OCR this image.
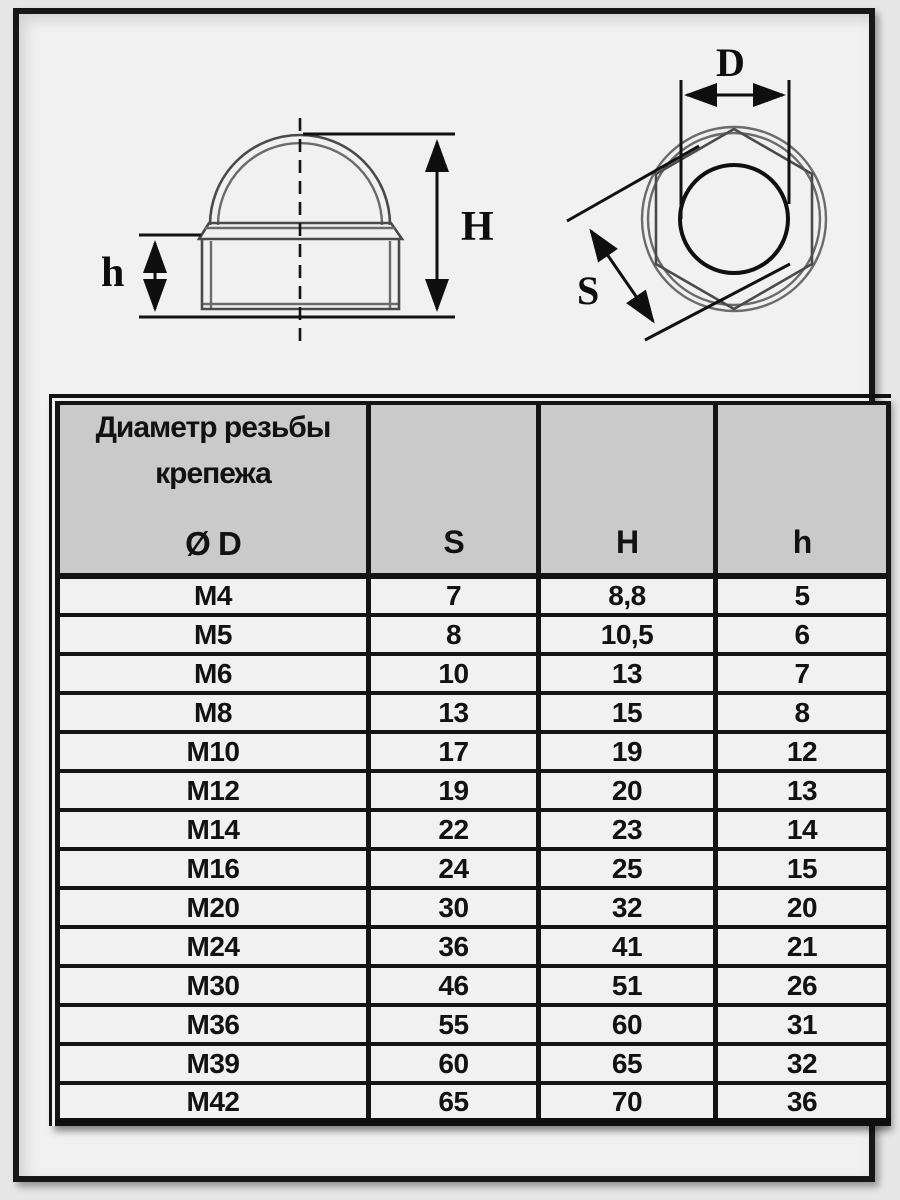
H
h
D
S
Диаметр резьбы
крепежа
Ø D	S	H	h
M4	7	8,8	5
M5	8	10,5	6
M6	10	13	7
M8	13	15	8
M10	17	19	12
M12	19	20	13
M14	22	23	14
M16	24	25	15
M20	30	32	20
M24	36	41	21
M30	46	51	26
M36	55	60	31
M39	60	65	32
M42	65	70	36
